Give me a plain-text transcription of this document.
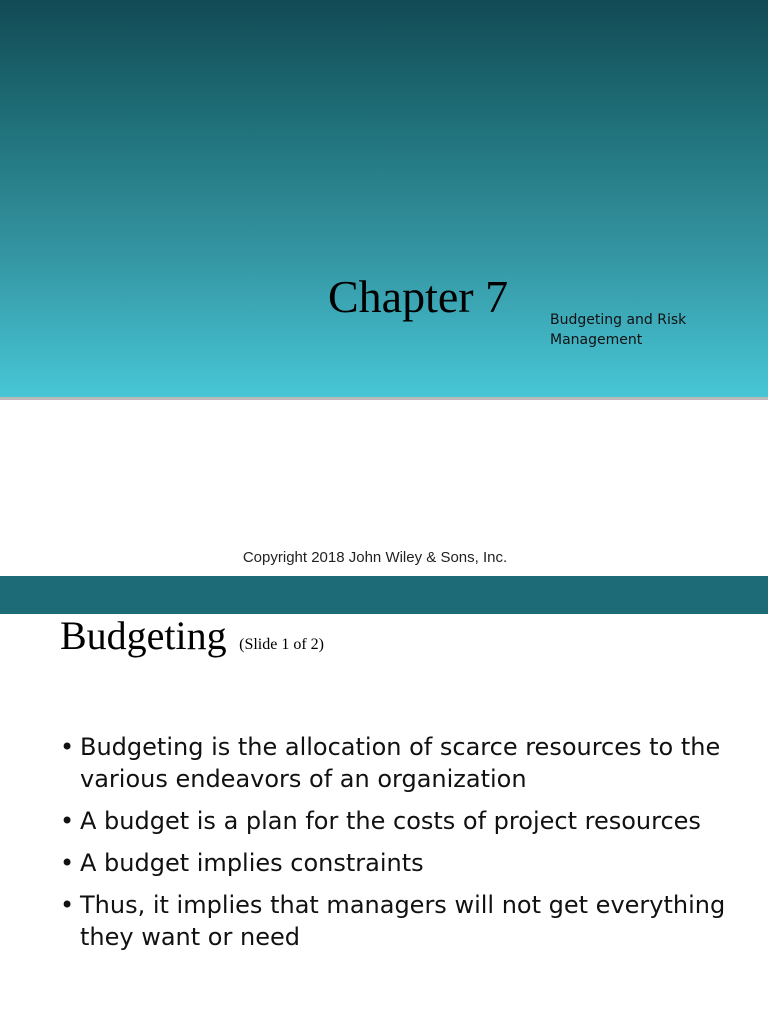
Chapter 7	Budgeting and Risk Management
Copyright 2018 John Wiley & Sons, Inc.
Budgeting (Slide 1 of 2)
• Budgeting is the allocation of scarce resources to the various endeavors of an organization
• A budget is a plan for the costs of project resources
• A budget implies constraints
• Thus, it implies that managers will not get everything they want or need
